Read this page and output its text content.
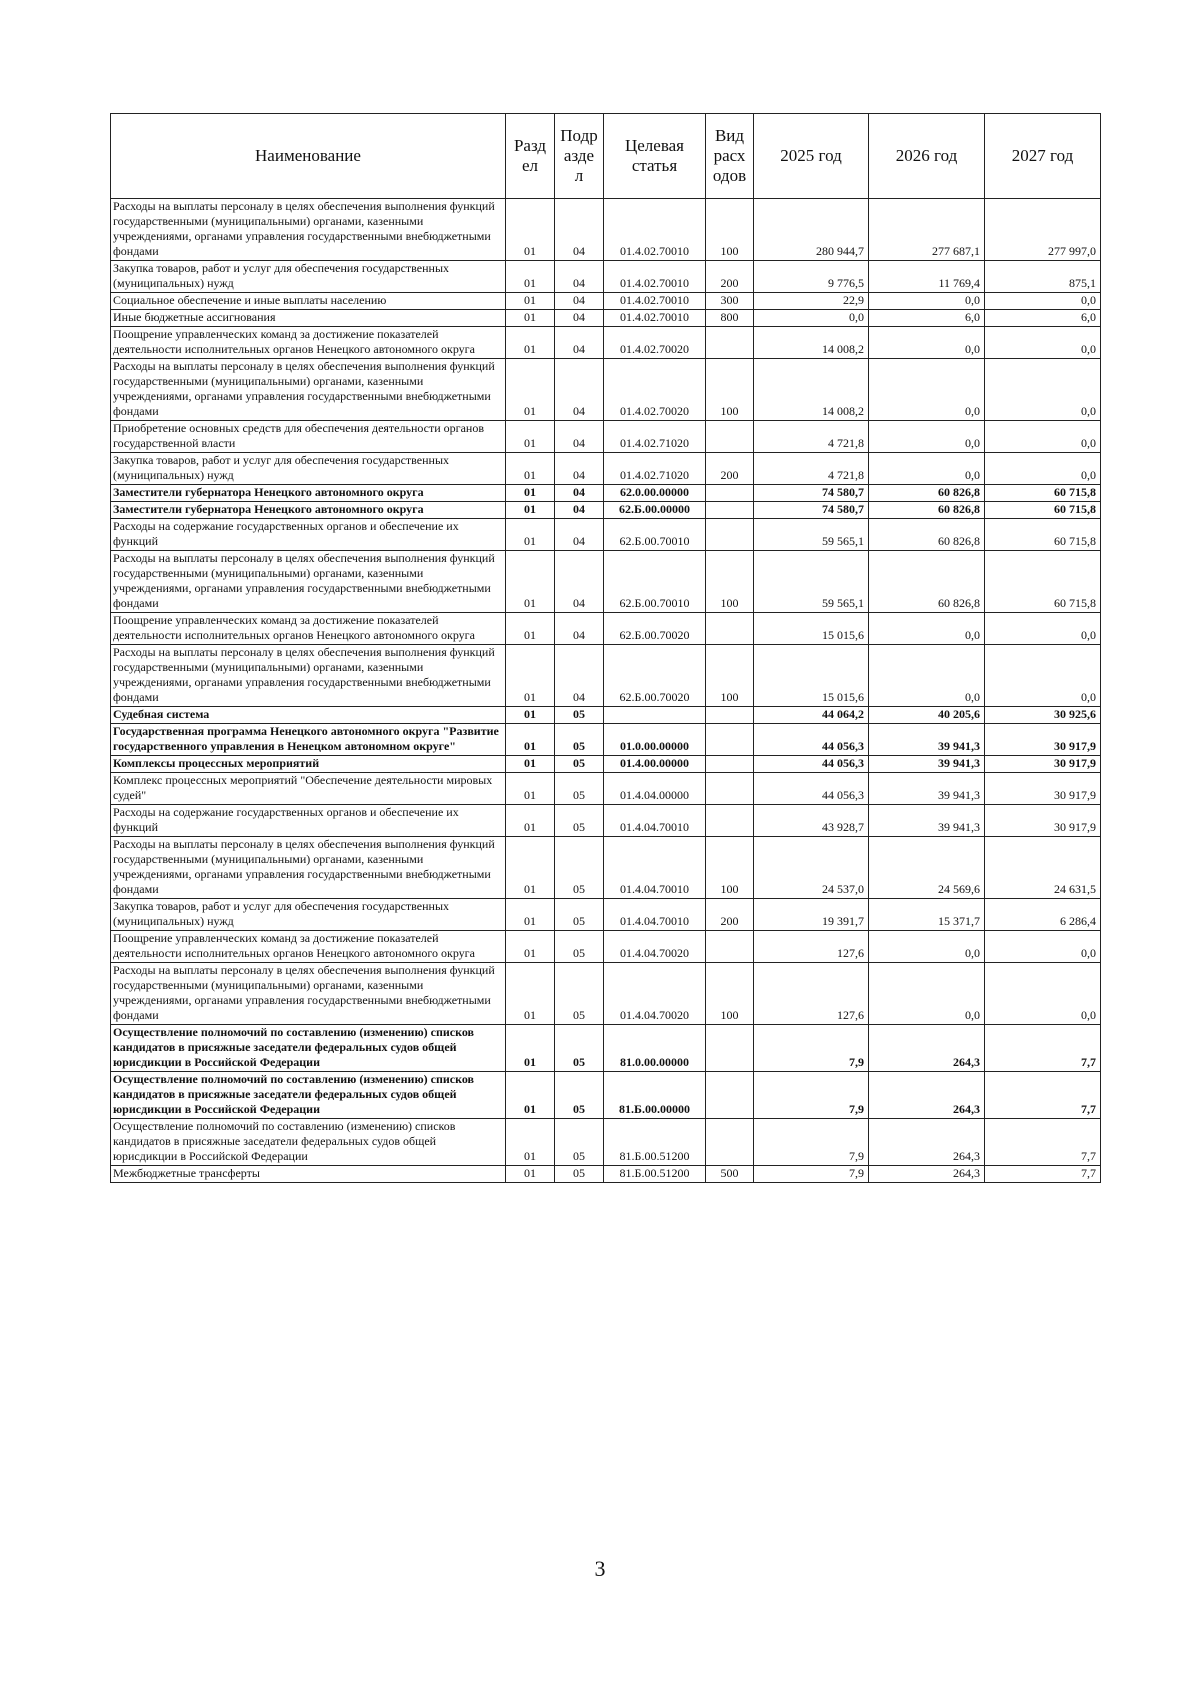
Наименование	Разд ел	Подр азде л	Целевая статья	Вид расх одов	2025 год	2026 год	2027 год
Расходы на выплаты персоналу в целях обеспечения выполнения функций государственными (муниципальными) органами, казенными учреждениями, органами управления государственными внебюджетными фондами	01	04	01.4.02.70010	100	280 944,7	277 687,1	277 997,0
Закупка товаров, работ и услуг для обеспечения государственных (муниципальных) нужд	01	04	01.4.02.70010	200	9 776,5	11 769,4	875,1
Социальное обеспечение и иные выплаты населению	01	04	01.4.02.70010	300	22,9	0,0	0,0
Иные бюджетные ассигнования	01	04	01.4.02.70010	800	0,0	6,0	6,0
Поощрение управленческих команд за достижение показателей деятельности исполнительных органов Ненецкого автономного округа	01	04	01.4.02.70020		14 008,2	0,0	0,0
Расходы на выплаты персоналу в целях обеспечения выполнения функций государственными (муниципальными) органами, казенными учреждениями, органами управления государственными внебюджетными фондами	01	04	01.4.02.70020	100	14 008,2	0,0	0,0
Приобретение основных средств для обеспечения деятельности органов государственной власти	01	04	01.4.02.71020		4 721,8	0,0	0,0
Закупка товаров, работ и услуг для обеспечения государственных (муниципальных) нужд	01	04	01.4.02.71020	200	4 721,8	0,0	0,0
Заместители губернатора Ненецкого автономного округа	01	04	62.0.00.00000		74 580,7	60 826,8	60 715,8
Заместители губернатора Ненецкого автономного округа	01	04	62.Б.00.00000		74 580,7	60 826,8	60 715,8
Расходы на содержание государственных органов и обеспечение их функций	01	04	62.Б.00.70010		59 565,1	60 826,8	60 715,8
Расходы на выплаты персоналу в целях обеспечения выполнения функций государственными (муниципальными) органами, казенными учреждениями, органами управления государственными внебюджетными фондами	01	04	62.Б.00.70010	100	59 565,1	60 826,8	60 715,8
Поощрение управленческих команд за достижение показателей деятельности исполнительных органов Ненецкого автономного округа	01	04	62.Б.00.70020		15 015,6	0,0	0,0
Расходы на выплаты персоналу в целях обеспечения выполнения функций государственными (муниципальными) органами, казенными учреждениями, органами управления государственными внебюджетными фондами	01	04	62.Б.00.70020	100	15 015,6	0,0	0,0
Судебная система	01	05			44 064,2	40 205,6	30 925,6
Государственная программа Ненецкого автономного округа "Развитие государственного управления в Ненецком автономном округе"	01	05	01.0.00.00000		44 056,3	39 941,3	30 917,9
Комплексы процессных мероприятий	01	05	01.4.00.00000		44 056,3	39 941,3	30 917,9
Комплекс процессных мероприятий "Обеспечение деятельности мировых судей"	01	05	01.4.04.00000		44 056,3	39 941,3	30 917,9
Расходы на содержание государственных органов и обеспечение их функций	01	05	01.4.04.70010		43 928,7	39 941,3	30 917,9
Расходы на выплаты персоналу в целях обеспечения выполнения функций государственными (муниципальными) органами, казенными учреждениями, органами управления государственными внебюджетными фондами	01	05	01.4.04.70010	100	24 537,0	24 569,6	24 631,5
Закупка товаров, работ и услуг для обеспечения государственных (муниципальных) нужд	01	05	01.4.04.70010	200	19 391,7	15 371,7	6 286,4
Поощрение управленческих команд за достижение показателей деятельности исполнительных органов Ненецкого автономного округа	01	05	01.4.04.70020		127,6	0,0	0,0
Расходы на выплаты персоналу в целях обеспечения выполнения функций государственными (муниципальными) органами, казенными учреждениями, органами управления государственными внебюджетными фондами	01	05	01.4.04.70020	100	127,6	0,0	0,0
Осуществление полномочий по составлению (изменению) списков кандидатов в присяжные заседатели федеральных судов общей юрисдикции в Российской Федерации	01	05	81.0.00.00000		7,9	264,3	7,7
Осуществление полномочий по составлению (изменению) списков кандидатов в присяжные заседатели федеральных судов общей юрисдикции в Российской Федерации	01	05	81.Б.00.00000		7,9	264,3	7,7
Осуществление полномочий по составлению (изменению) списков кандидатов в присяжные заседатели федеральных судов общей юрисдикции в Российской Федерации	01	05	81.Б.00.51200		7,9	264,3	7,7
Межбюджетные трансферты	01	05	81.Б.00.51200	500	7,9	264,3	7,7
3
